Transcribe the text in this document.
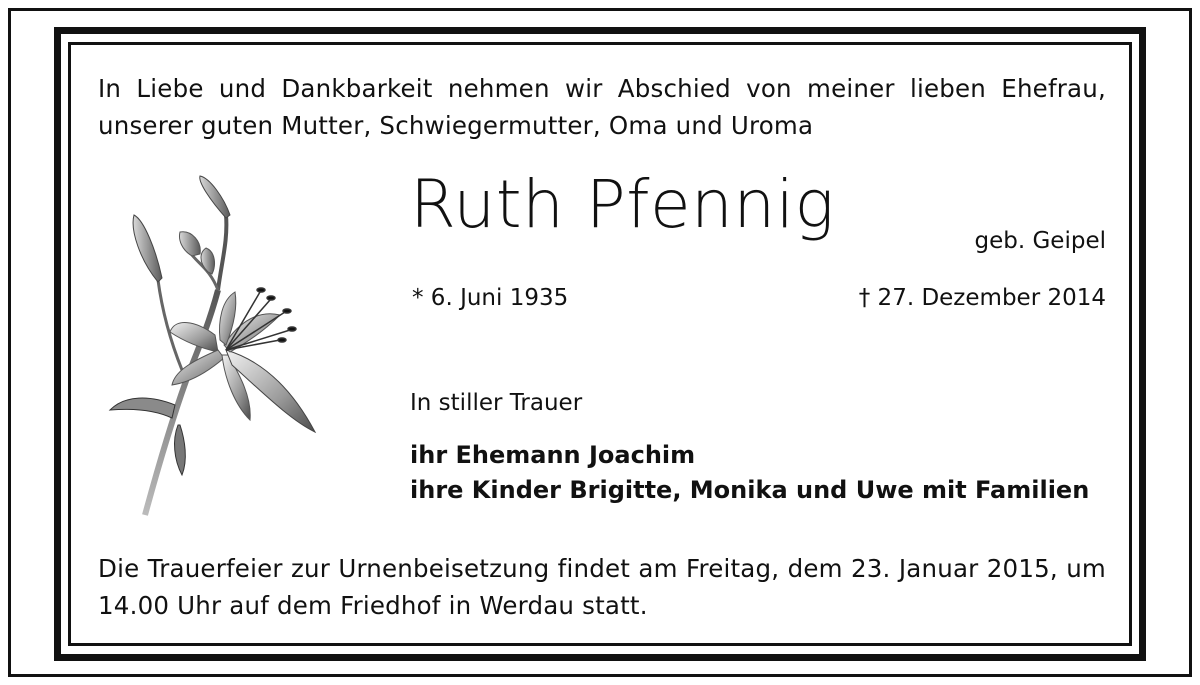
In Liebe und Dankbarkeit nehmen wir Abschied von meiner lieben Ehefrau,
unserer guten Mutter, Schwiegermutter, Oma und Uroma
Ruth Pfennig	geb. Geipel
* 6. Juni 1935	† 27. Dezember 2014
In stiller Trauer
ihr Ehemann Joachim
ihre Kinder Brigitte, Monika und Uwe mit Familien
Die Trauerfeier zur Urnenbeisetzung findet am Freitag, dem 23. Januar 2015, um
14.00 Uhr auf dem Friedhof in Werdau statt.
